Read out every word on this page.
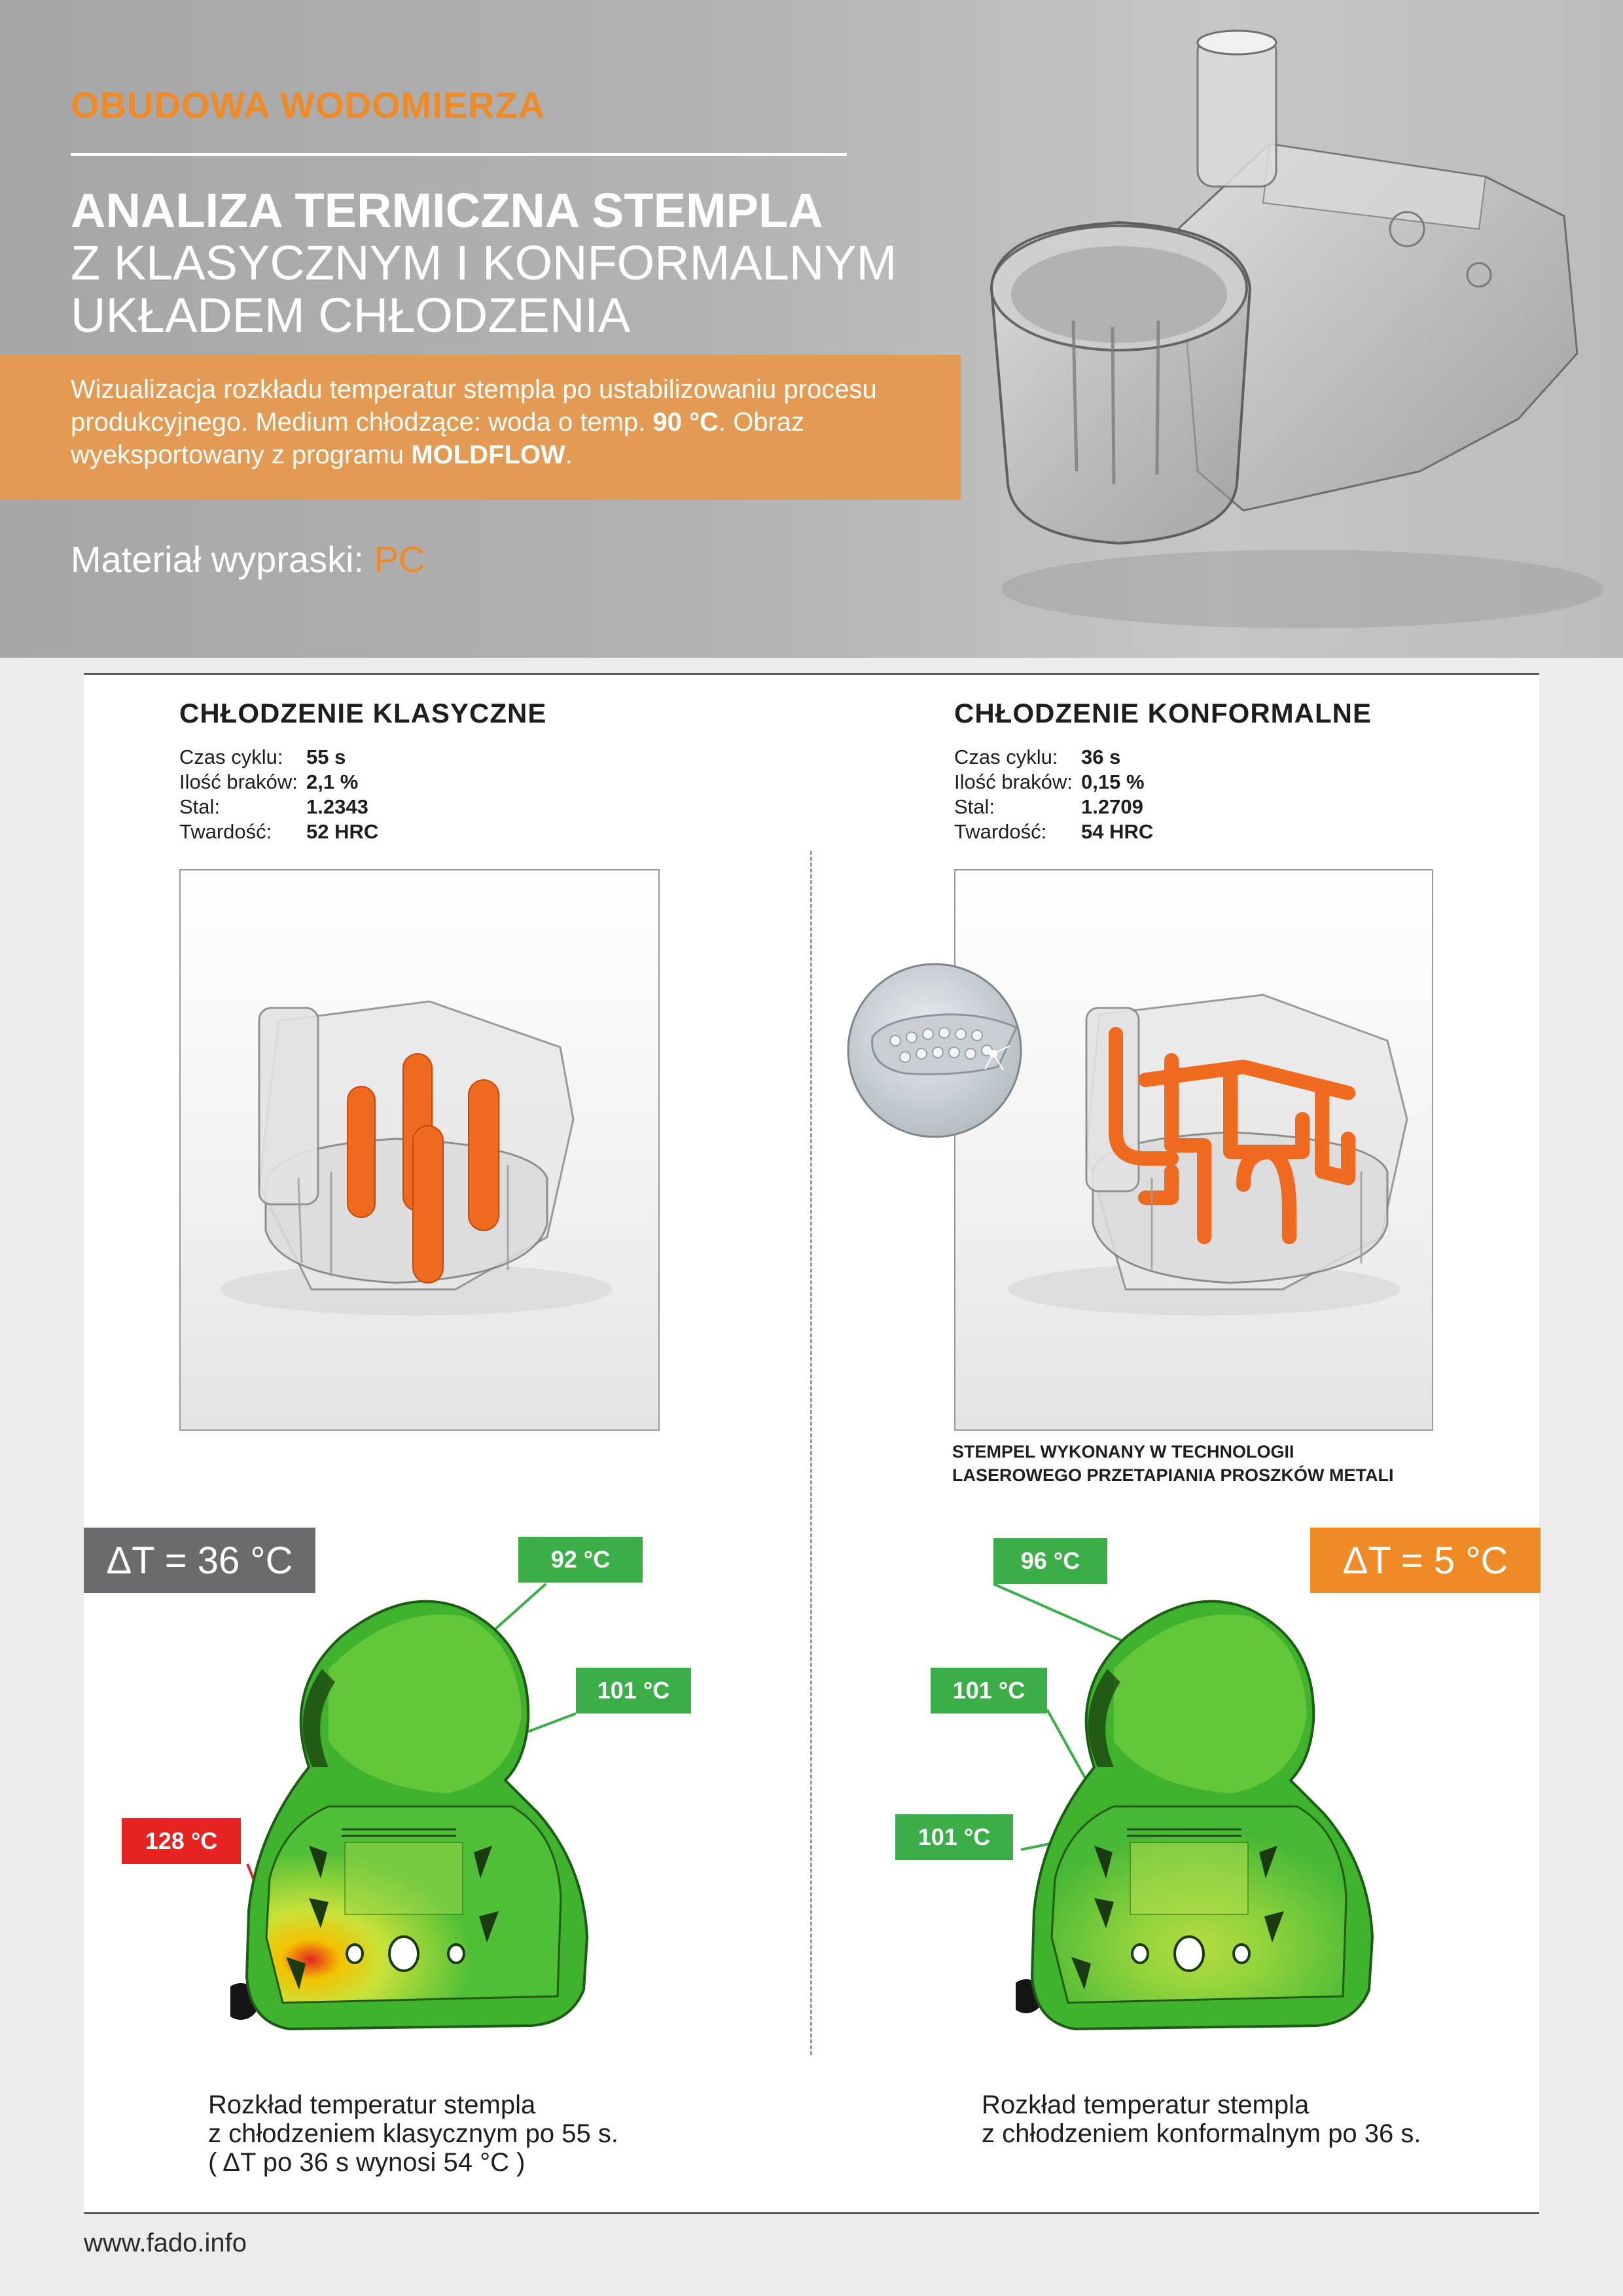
OBUDOWA WODOMIERZA
ANALIZA TERMICZNA STEMPLA
Z KLASYCZNYM I KONFORMALNYM
UKŁADEM CHŁODZENIA
Wizualizacja rozkładu temperatur stempla po ustabilizowaniu procesu produkcyjnego. Medium chłodzące: woda o temp. 90 °C. Obraz wyeksportowany z programu MOLDFLOW.
Materiał wypraski: PC
CHŁODZENIE KLASYCZNE
Czas cyklu:	55 s
Ilość braków: 2,1 %
Stal:	1.2343
Twardość:	52 HRC
CHŁODZENIE KONFORMALNE
Czas cyklu:	36 s
Ilość braków: 0,15 %
Stal:	1.2709
Twardość:	54 HRC
STEMPEL WYKONANY W TECHNOLOGII
LASEROWEGO PRZETAPIANIA PROSZKÓW METALI
ΔT = 36 °C	ΔT = 5 °C
92 °C
101 °C
128 °C
96 °C
101 °C
101 °C
Rozkład temperatur stempla
z chłodzeniem klasycznym po 55 s.
( ΔT po 36 s wynosi 54 °C )
Rozkład temperatur stempla
z chłodzeniem konformalnym po 36 s.
www.fado.info
